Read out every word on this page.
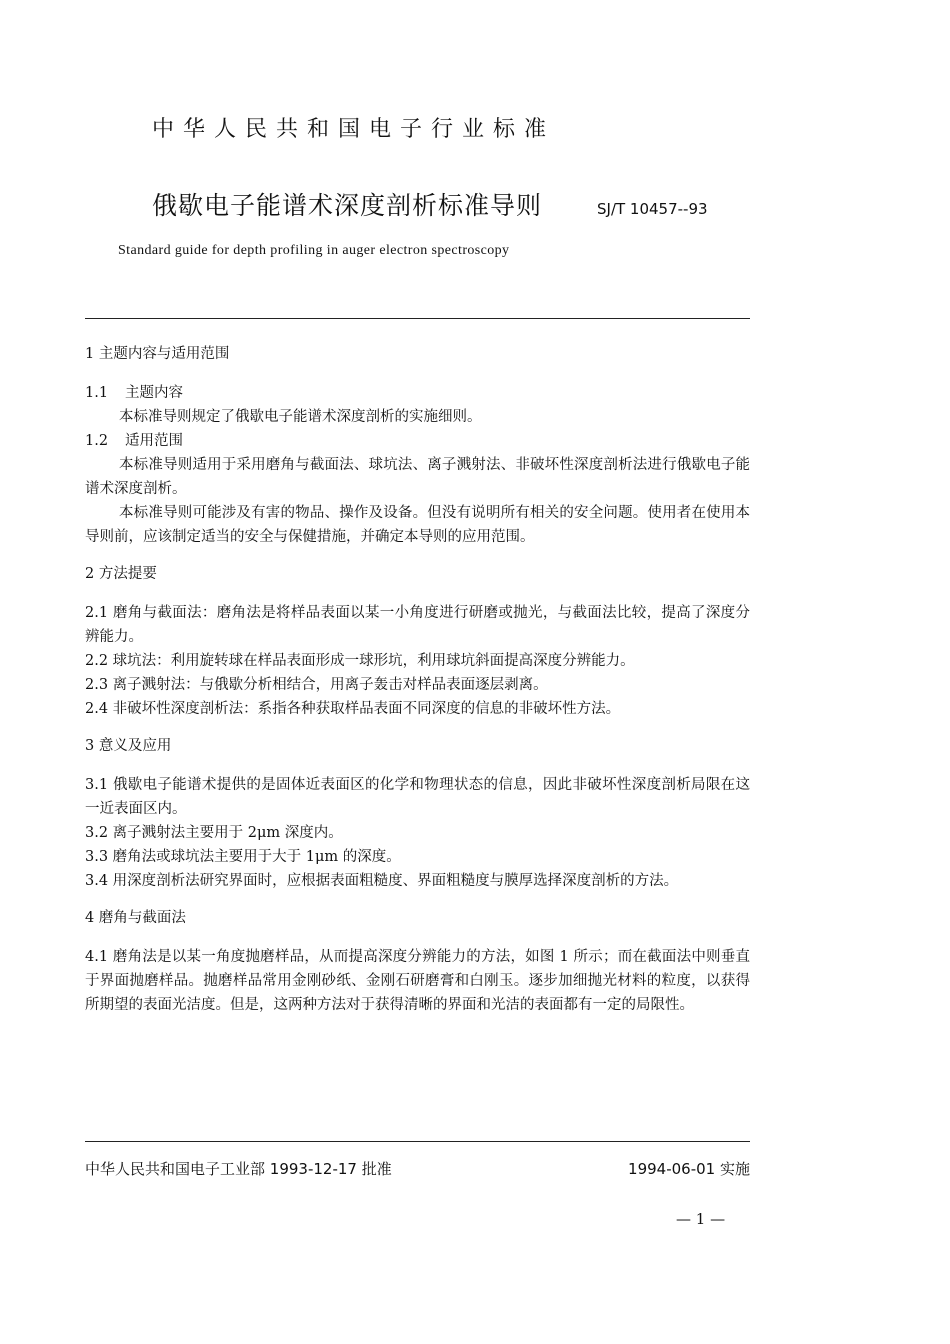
中华人民共和国电子行业标准
俄歇电子能谱术深度剖析标准导则	SJ/T 10457--93
Standard guide for depth profiling in auger electron spectroscopy

1 主题内容与适用范围

1.1 主题内容

本标准导则规定了俄歇电子能谱术深度剖析的实施细则。

1.2 适用范围

本标准导则适用于采用磨角与截面法、球坑法、离子溅射法、非破坏性深度剖析法进行俄歇电子能谱术深度剖析。

本标准导则可能涉及有害的物品、操作及设备。但没有说明所有相关的安全问题。使用者在使用本导则前，应该制定适当的安全与保健措施，并确定本导则的应用范围。

2 方法提要

2.1 磨角与截面法：磨角法是将样品表面以某一小角度进行研磨或抛光，与截面法比较，提高了深度分辨能力。

2.2 球坑法：利用旋转球在样品表面形成一球形坑，利用球坑斜面提高深度分辨能力。

2.3 离子溅射法：与俄歇分析相结合，用离子轰击对样品表面逐层剥离。

2.4 非破坏性深度剖析法：系指各种获取样品表面不同深度的信息的非破坏性方法。

3 意义及应用

3.1 俄歇电子能谱术提供的是固体近表面区的化学和物理状态的信息，因此非破坏性深度剖析局限在这一近表面区内。

3.2 离子溅射法主要用于 2μm 深度内。

3.3 磨角法或球坑法主要用于大于 1μm 的深度。

3.4 用深度剖析法研究界面时，应根据表面粗糙度、界面粗糙度与膜厚选择深度剖析的方法。

4 磨角与截面法

4.1 磨角法是以某一角度抛磨样品，从而提高深度分辨能力的方法，如图 1 所示；而在截面法中则垂直于界面抛磨样品。抛磨样品常用金刚砂纸、金刚石研磨膏和白刚玉。逐步加细抛光材料的粒度，以获得所期望的表面光洁度。但是，这两种方法对于获得清晰的界面和光洁的表面都有一定的局限性。

中华人民共和国电子工业部 1993-12-17 批准	1994-06-01 实施
— 1 —
